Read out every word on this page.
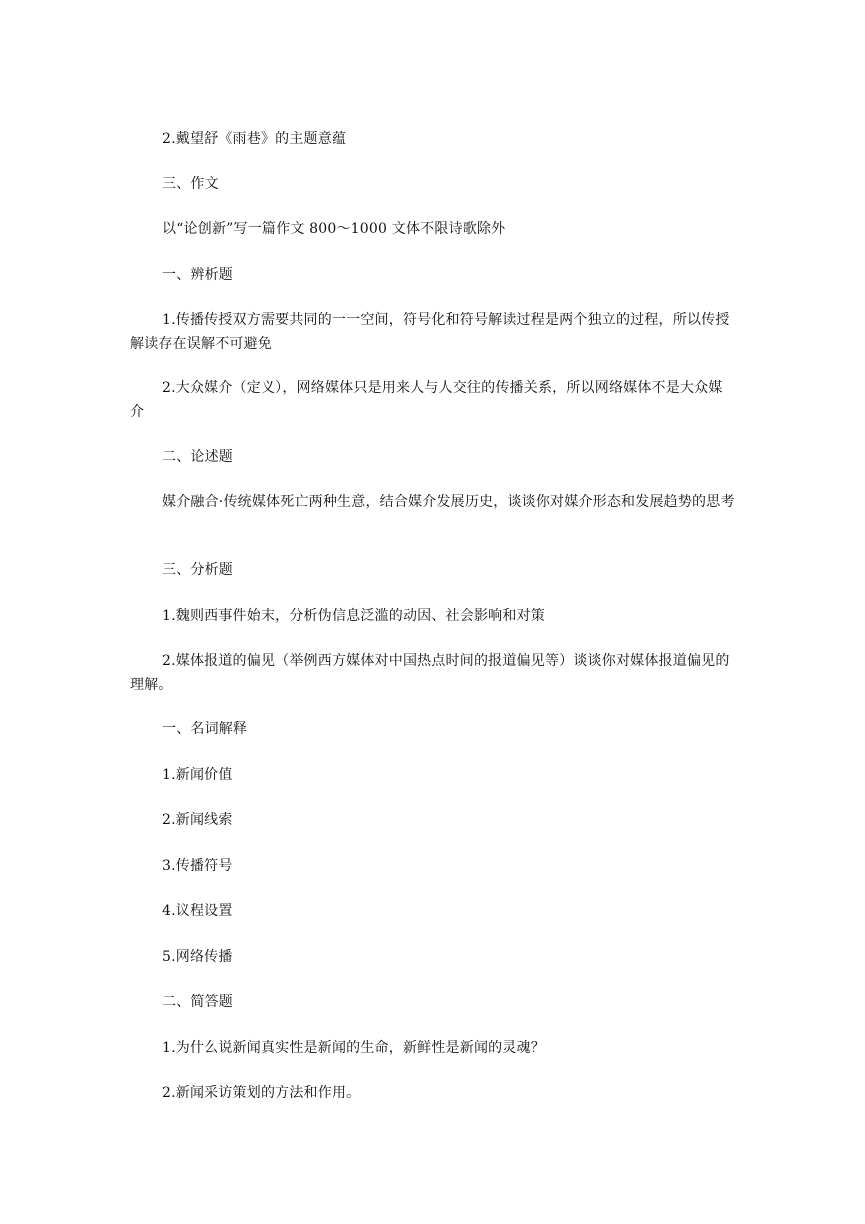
2.戴望舒《雨巷》的主题意蕴

三、作文

以“论创新”写一篇作文 800～1000 文体不限诗歌除外

一、辨析题

1.传播传授双方需要共同的一一空间，符号化和符号解读过程是两个独立的过程，所以传授解读存在误解不可避免

2.大众媒介（定义），网络媒体只是用来人与人交往的传播关系，所以网络媒体不是大众媒介

二、论述题

媒介融合·传统媒体死亡两种生意，结合媒介发展历史，谈谈你对媒介形态和发展趋势的思考

三、分析题

1.魏则西事件始末，分析伪信息泛滥的动因、社会影响和对策

2.媒体报道的偏见（举例西方媒体对中国热点时间的报道偏见等）谈谈你对媒体报道偏见的理解。

一、名词解释

1.新闻价值

2.新闻线索

3.传播符号

4.议程设置

5.网络传播

二、简答题

1.为什么说新闻真实性是新闻的生命，新鲜性是新闻的灵魂？

2.新闻采访策划的方法和作用。
